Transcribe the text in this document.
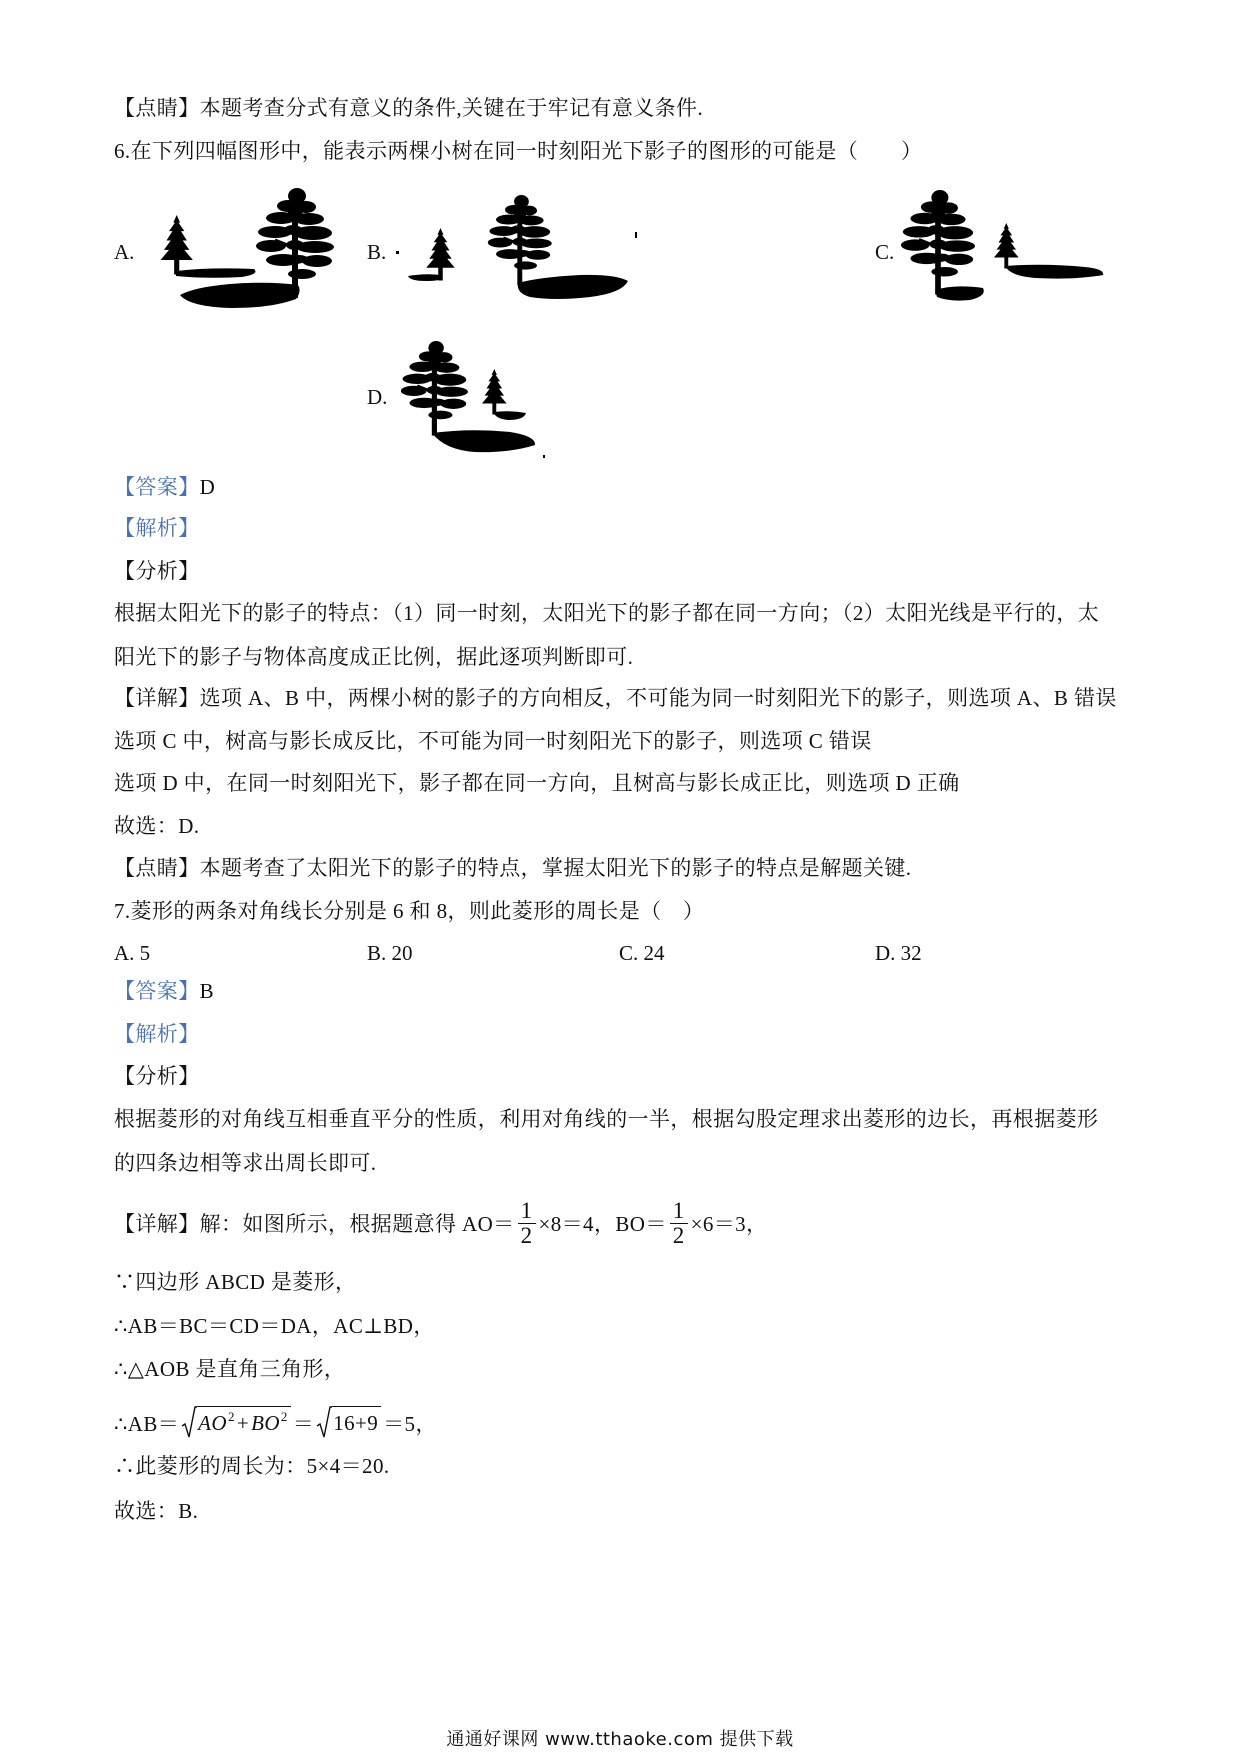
【点睛】本题考查分式有意义的条件,关键在于牢记有意义条件.
6.在下列四幅图形中，能表示两棵小树在同一时刻阳光下影子的图形的可能是（　　）
A.	B.	C.
D.
【答案】D
【解析】
【分析】
根据太阳光下的影子的特点：（1）同一时刻，太阳光下的影子都在同一方向；（2）太阳光线是平行的，太
阳光下的影子与物体高度成正比例，据此逐项判断即可.
【详解】选项 A、B 中，两棵小树的影子的方向相反，不可能为同一时刻阳光下的影子，则选项 A、B 错误
选项 C 中，树高与影长成反比，不可能为同一时刻阳光下的影子，则选项 C 错误
选项 D 中，在同一时刻阳光下，影子都在同一方向，且树高与影长成正比，则选项 D 正确
故选：D.
【点睛】本题考查了太阳光下的影子的特点，掌握太阳光下的影子的特点是解题关键.
7.菱形的两条对角线长分别是 6 和 8，则此菱形的周长是（　）
A. 5	B. 20	C. 24	D. 32
【答案】B
【解析】
【分析】
根据菱形的对角线互相垂直平分的性质，利用对角线的一半，根据勾股定理求出菱形的边长，再根据菱形
的四条边相等求出周长即可.
【详解】解：如图所示，根据题意得 $AO= \frac{1}{2} \times 8=4$，$BO= \frac{1}{2} \times 6=3$，
∵四边形 ABCD 是菱形，
∴AB＝BC＝CD＝DA，AC⊥BD，
∴△AOB 是直角三角形，
∴AB＝ $AO^2+BO^2 = 16+9 =5$，
∴此菱形的周长为：5×4＝20.
故选：B.
通通好课网 www.tthaoke.com 提供下载
